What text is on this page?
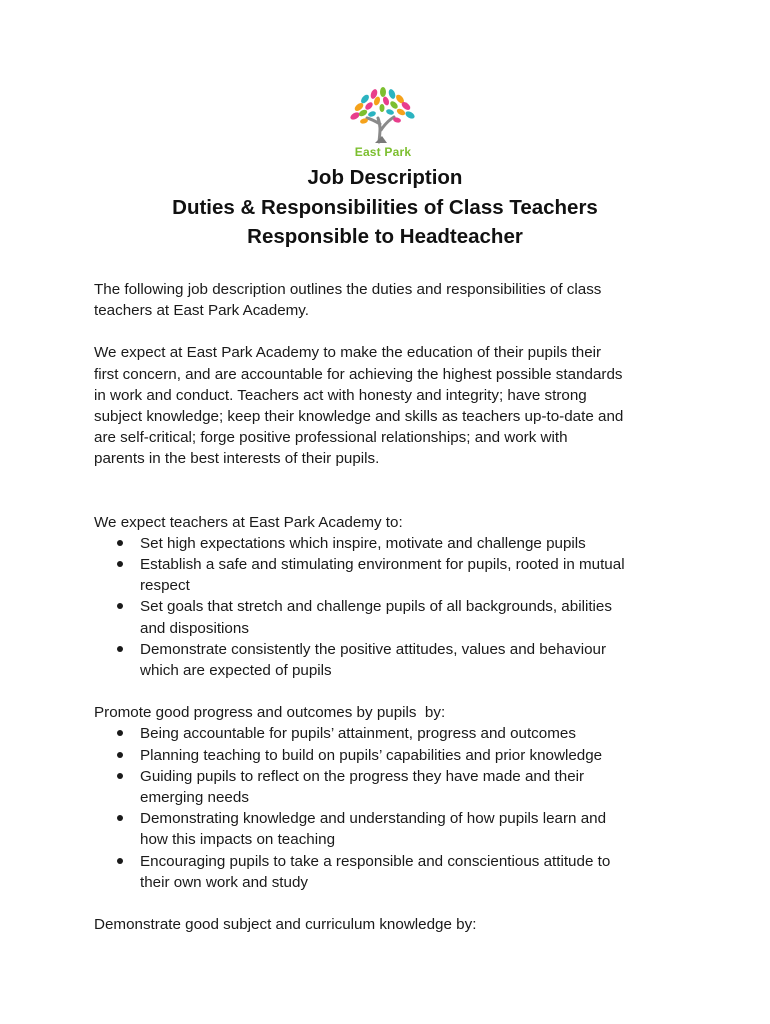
East Park
Job Description
Duties & Responsibilities of Class Teachers
Responsible to Headteacher

The following job description outlines the duties and responsibilities of class
teachers at East Park Academy.

We expect at East Park Academy to make the education of their pupils their
first concern, and are accountable for achieving the highest possible standards
in work and conduct. Teachers act with honesty and integrity; have strong
subject knowledge; keep their knowledge and skills as teachers up-to-date and
are self-critical; forge positive professional relationships; and work with
parents in the best interests of their pupils.

We expect teachers at East Park Academy to:

Set high expectations which inspire, motivate and challenge pupils
Establish a safe and stimulating environment for pupils, rooted in mutual
respect
Set goals that stretch and challenge pupils of all backgrounds, abilities
and dispositions
Demonstrate consistently the positive attitudes, values and behaviour
which are expected of pupils

Promote good progress and outcomes by pupils  by:

Being accountable for pupils’ attainment, progress and outcomes
Planning teaching to build on pupils’ capabilities and prior knowledge
Guiding pupils to reflect on the progress they have made and their
emerging needs
Demonstrating knowledge and understanding of how pupils learn and
how this impacts on teaching
Encouraging pupils to take a responsible and conscientious attitude to
their own work and study

Demonstrate good subject and curriculum knowledge by:
